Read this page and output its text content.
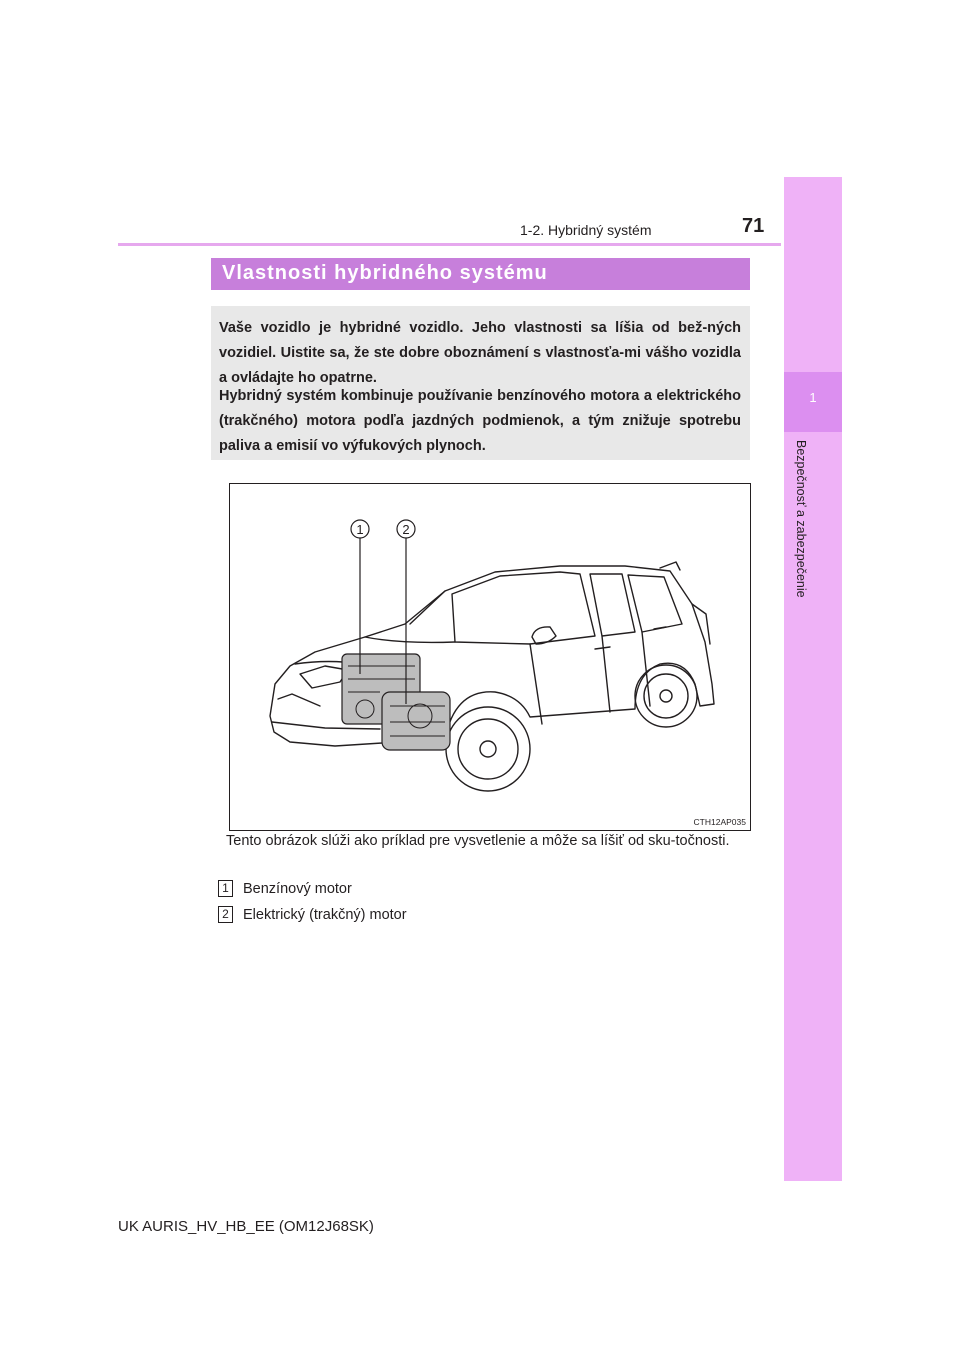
1-2. Hybridný systém	71
1
Bezpečnosť a zabezpečenie
Vlastnosti hybridného systému

Vaše vozidlo je hybridné vozidlo. Jeho vlastnosti sa líšia od bež-ných vozidiel. Uistite sa, že ste dobre oboznámení s vlastnosťa-mi vášho vozidla a ovládajte ho opatrne.

Hybridný systém kombinuje používanie benzínového motora a elektrického (trakčného) motora podľa jazdných podmienok, a tým znižuje spotrebu paliva a emisií vo výfukových plynoch.

1	2
CTH12AP035

Tento obrázok slúži ako príklad pre vysvetlenie a môže sa líšiť od sku-točnosti.

1 Benzínový motor
2 Elektrický (trakčný) motor
UK AURIS_HV_HB_EE (OM12J68SK)
